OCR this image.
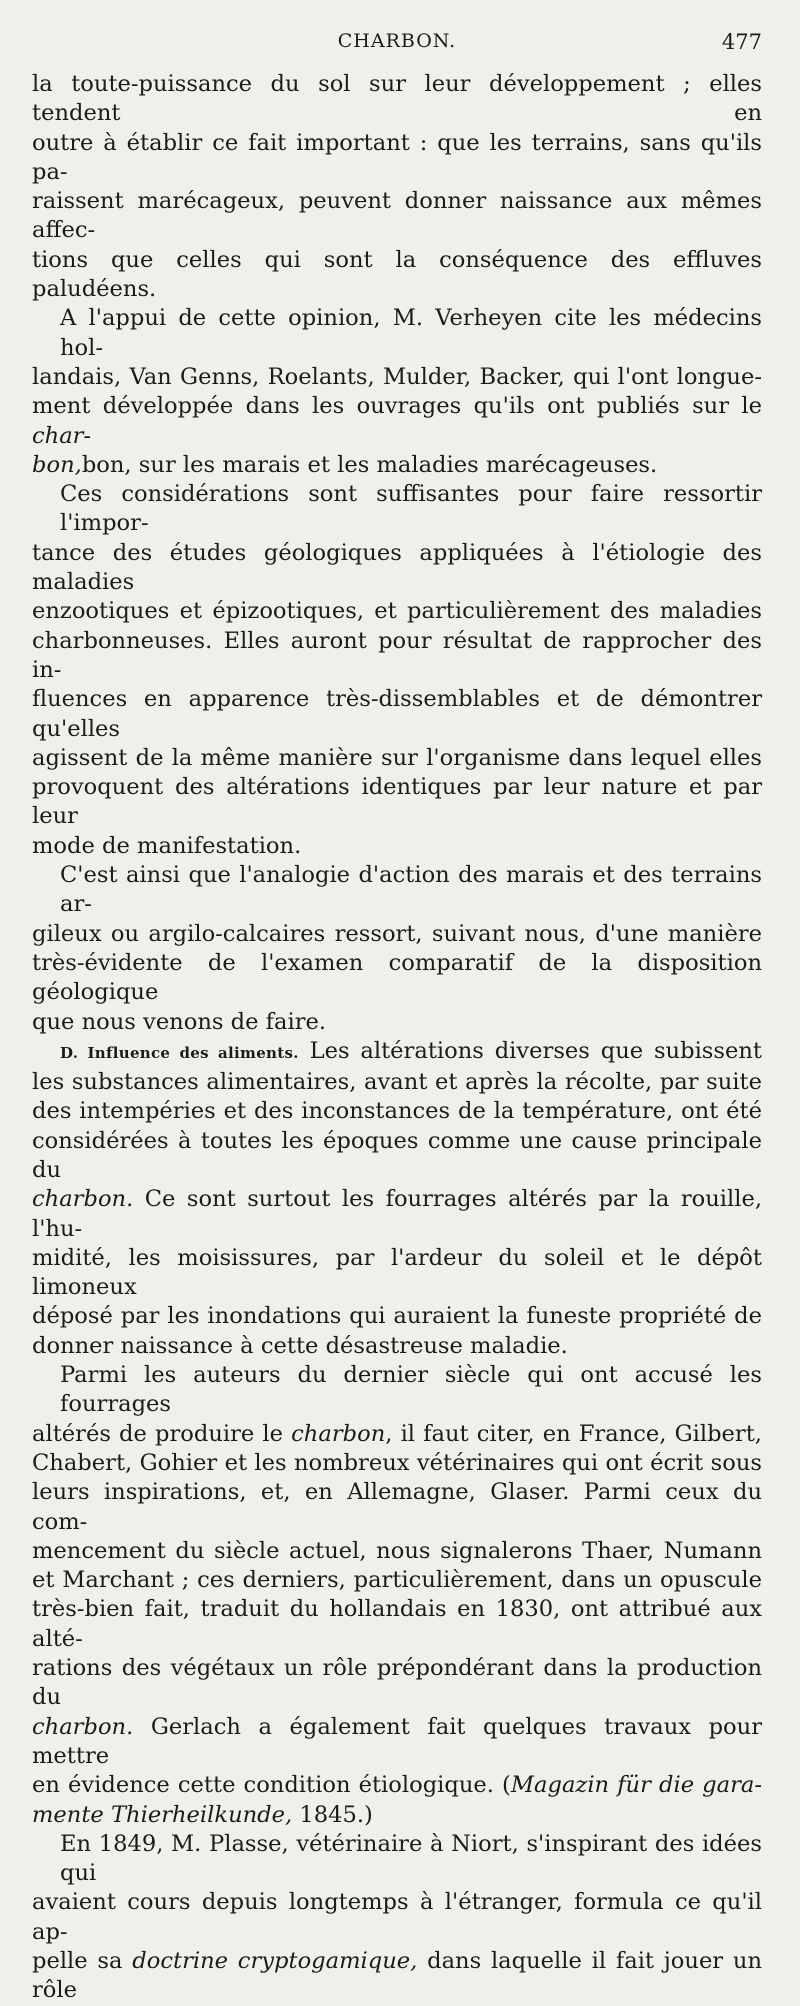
CHARBON.	477
la toute-puissance du sol sur leur développement ; elles tendent en
outre à établir ce fait important : que les terrains, sans qu'ils pa-
raissent marécageux, peuvent donner naissance aux mêmes affec-
tions que celles qui sont la conséquence des effluves paludéens.
A l'appui de cette opinion, M. Verheyen cite les médecins hol-
landais, Van Genns, Roelants, Mulder, Backer, qui l'ont longue-
ment développée dans les ouvrages qu'ils ont publiés sur le char-
bon,bon, sur les marais et les maladies marécageuses.
Ces considérations sont suffisantes pour faire ressortir l'impor-
tance des études géologiques appliquées à l'étiologie des maladies
enzootiques et épizootiques, et particulièrement des maladies
charbonneuses. Elles auront pour résultat de rapprocher des in-
fluences en apparence très-dissemblables et de démontrer qu'elles
agissent de la même manière sur l'organisme dans lequel elles
provoquent des altérations identiques par leur nature et par leur
mode de manifestation.
C'est ainsi que l'analogie d'action des marais et des terrains ar-
gileux ou argilo-calcaires ressort, suivant nous, d'une manière
très-évidente de l'examen comparatif de la disposition géologique
que nous venons de faire.
D. Influence des aliments. Les altérations diverses que subissent
les substances alimentaires, avant et après la récolte, par suite
des intempéries et des inconstances de la température, ont été
considérées à toutes les époques comme une cause principale du
charbon. Ce sont surtout les fourrages altérés par la rouille, l'hu-
midité, les moisissures, par l'ardeur du soleil et le dépôt limoneux
déposé par les inondations qui auraient la funeste propriété de
donner naissance à cette désastreuse maladie.
Parmi les auteurs du dernier siècle qui ont accusé les fourrages
altérés de produire le charbon, il faut citer, en France, Gilbert,
Chabert, Gohier et les nombreux vétérinaires qui ont écrit sous
leurs inspirations, et, en Allemagne, Glaser. Parmi ceux du com-
mencement du siècle actuel, nous signalerons Thaer, Numann
et Marchant ; ces derniers, particulièrement, dans un opuscule
très-bien fait, traduit du hollandais en 1830, ont attribué aux alté-
rations des végétaux un rôle prépondérant dans la production du
charbon. Gerlach a également fait quelques travaux pour mettre
en évidence cette condition étiologique. (Magazin für die gara-
mente Thierheilkunde, 1845.)
En 1849, M. Plasse, vétérinaire à Niort, s'inspirant des idées qui
avaient cours depuis longtemps à l'étranger, formula ce qu'il ap-
pelle sa doctrine cryptogamique, dans laquelle il fait jouer un rôle
